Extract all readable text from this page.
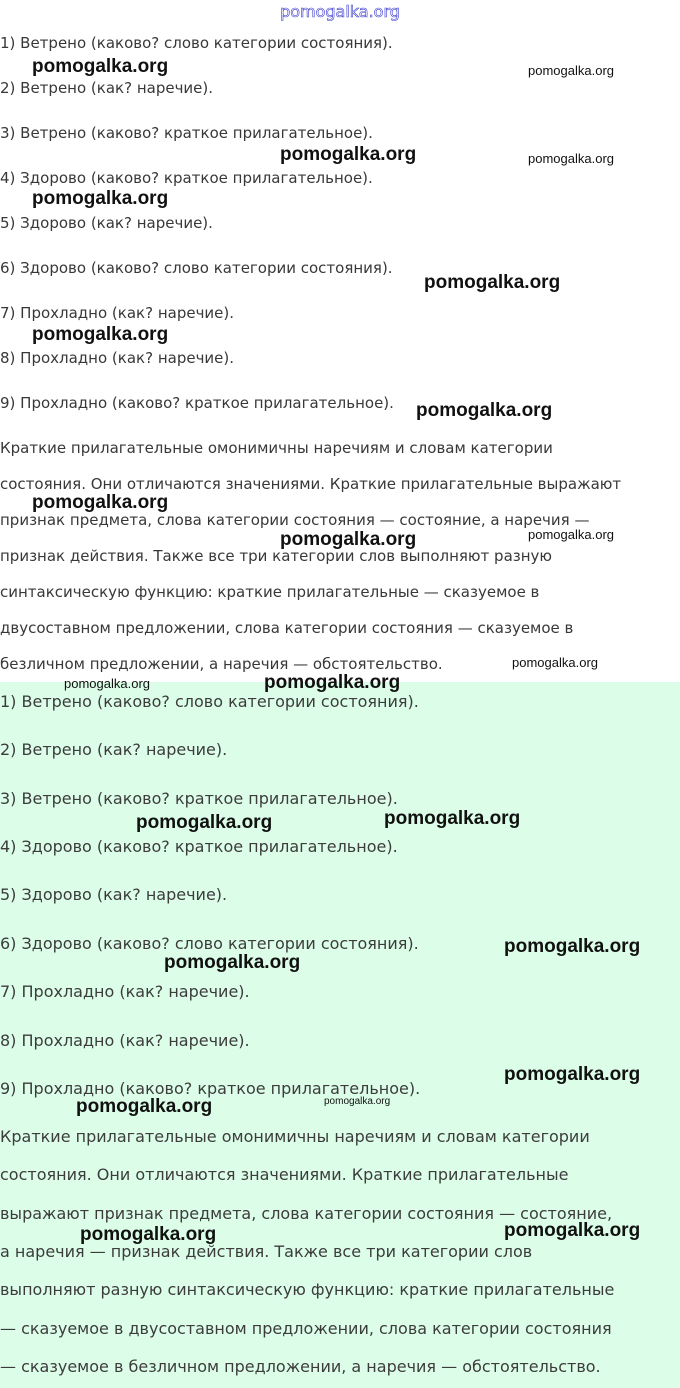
pomogalka.org
1) Ветрено (каково? слово категории состояния).
2) Ветрено (как? наречие).
3) Ветрено (каково? краткое прилагательное).
4) Здорово (каково? краткое прилагательное).
5) Здорово (как? наречие).
6) Здорово (каково? слово категории состояния).
7) Прохладно (как? наречие).
8) Прохладно (как? наречие).
9) Прохладно (каково? краткое прилагательное).
Краткие прилагательные омонимичны наречиям и словам категории
состояния. Они отличаются значениями. Краткие прилагательные выражают
признак предмета, слова категории состояния — состояние, а наречия —
признак действия. Также все три категории слов выполняют разную
синтаксическую функцию: краткие прилагательные — сказуемое в
двусоставном предложении, слова категории состояния — сказуемое в
безличном предложении, а наречия — обстоятельство.
1) Ветрено (каково? слово категории состояния).
2) Ветрено (как? наречие).
3) Ветрено (каково? краткое прилагательное).
4) Здорово (каково? краткое прилагательное).
5) Здорово (как? наречие).
6) Здорово (каково? слово категории состояния).
7) Прохладно (как? наречие).
8) Прохладно (как? наречие).
9) Прохладно (каково? краткое прилагательное).
Краткие прилагательные омонимичны наречиям и словам категории
состояния. Они отличаются значениями. Краткие прилагательные
выражают признак предмета, слова категории состояния — состояние,
а наречия — признак действия. Также все три категории слов
выполняют разную синтаксическую функцию: краткие прилагательные
— сказуемое в двусоставном предложении, слова категории состояния
— сказуемое в безличном предложении, а наречия — обстоятельство.
pomogalka.org	pomogalka.org
pomogalka.org	pomogalka.org
pomogalka.org
pomogalka.org
pomogalka.org
pomogalka.org
pomogalka.org
pomogalka.org	pomogalka.org
pomogalka.org
pomogalka.org	pomogalka.org
pomogalka.org	pomogalka.org
pomogalka.org
pomogalka.org
pomogalka.org
pomogalka.org	pomogalka.org
pomogalka.org
pomogalka.org
